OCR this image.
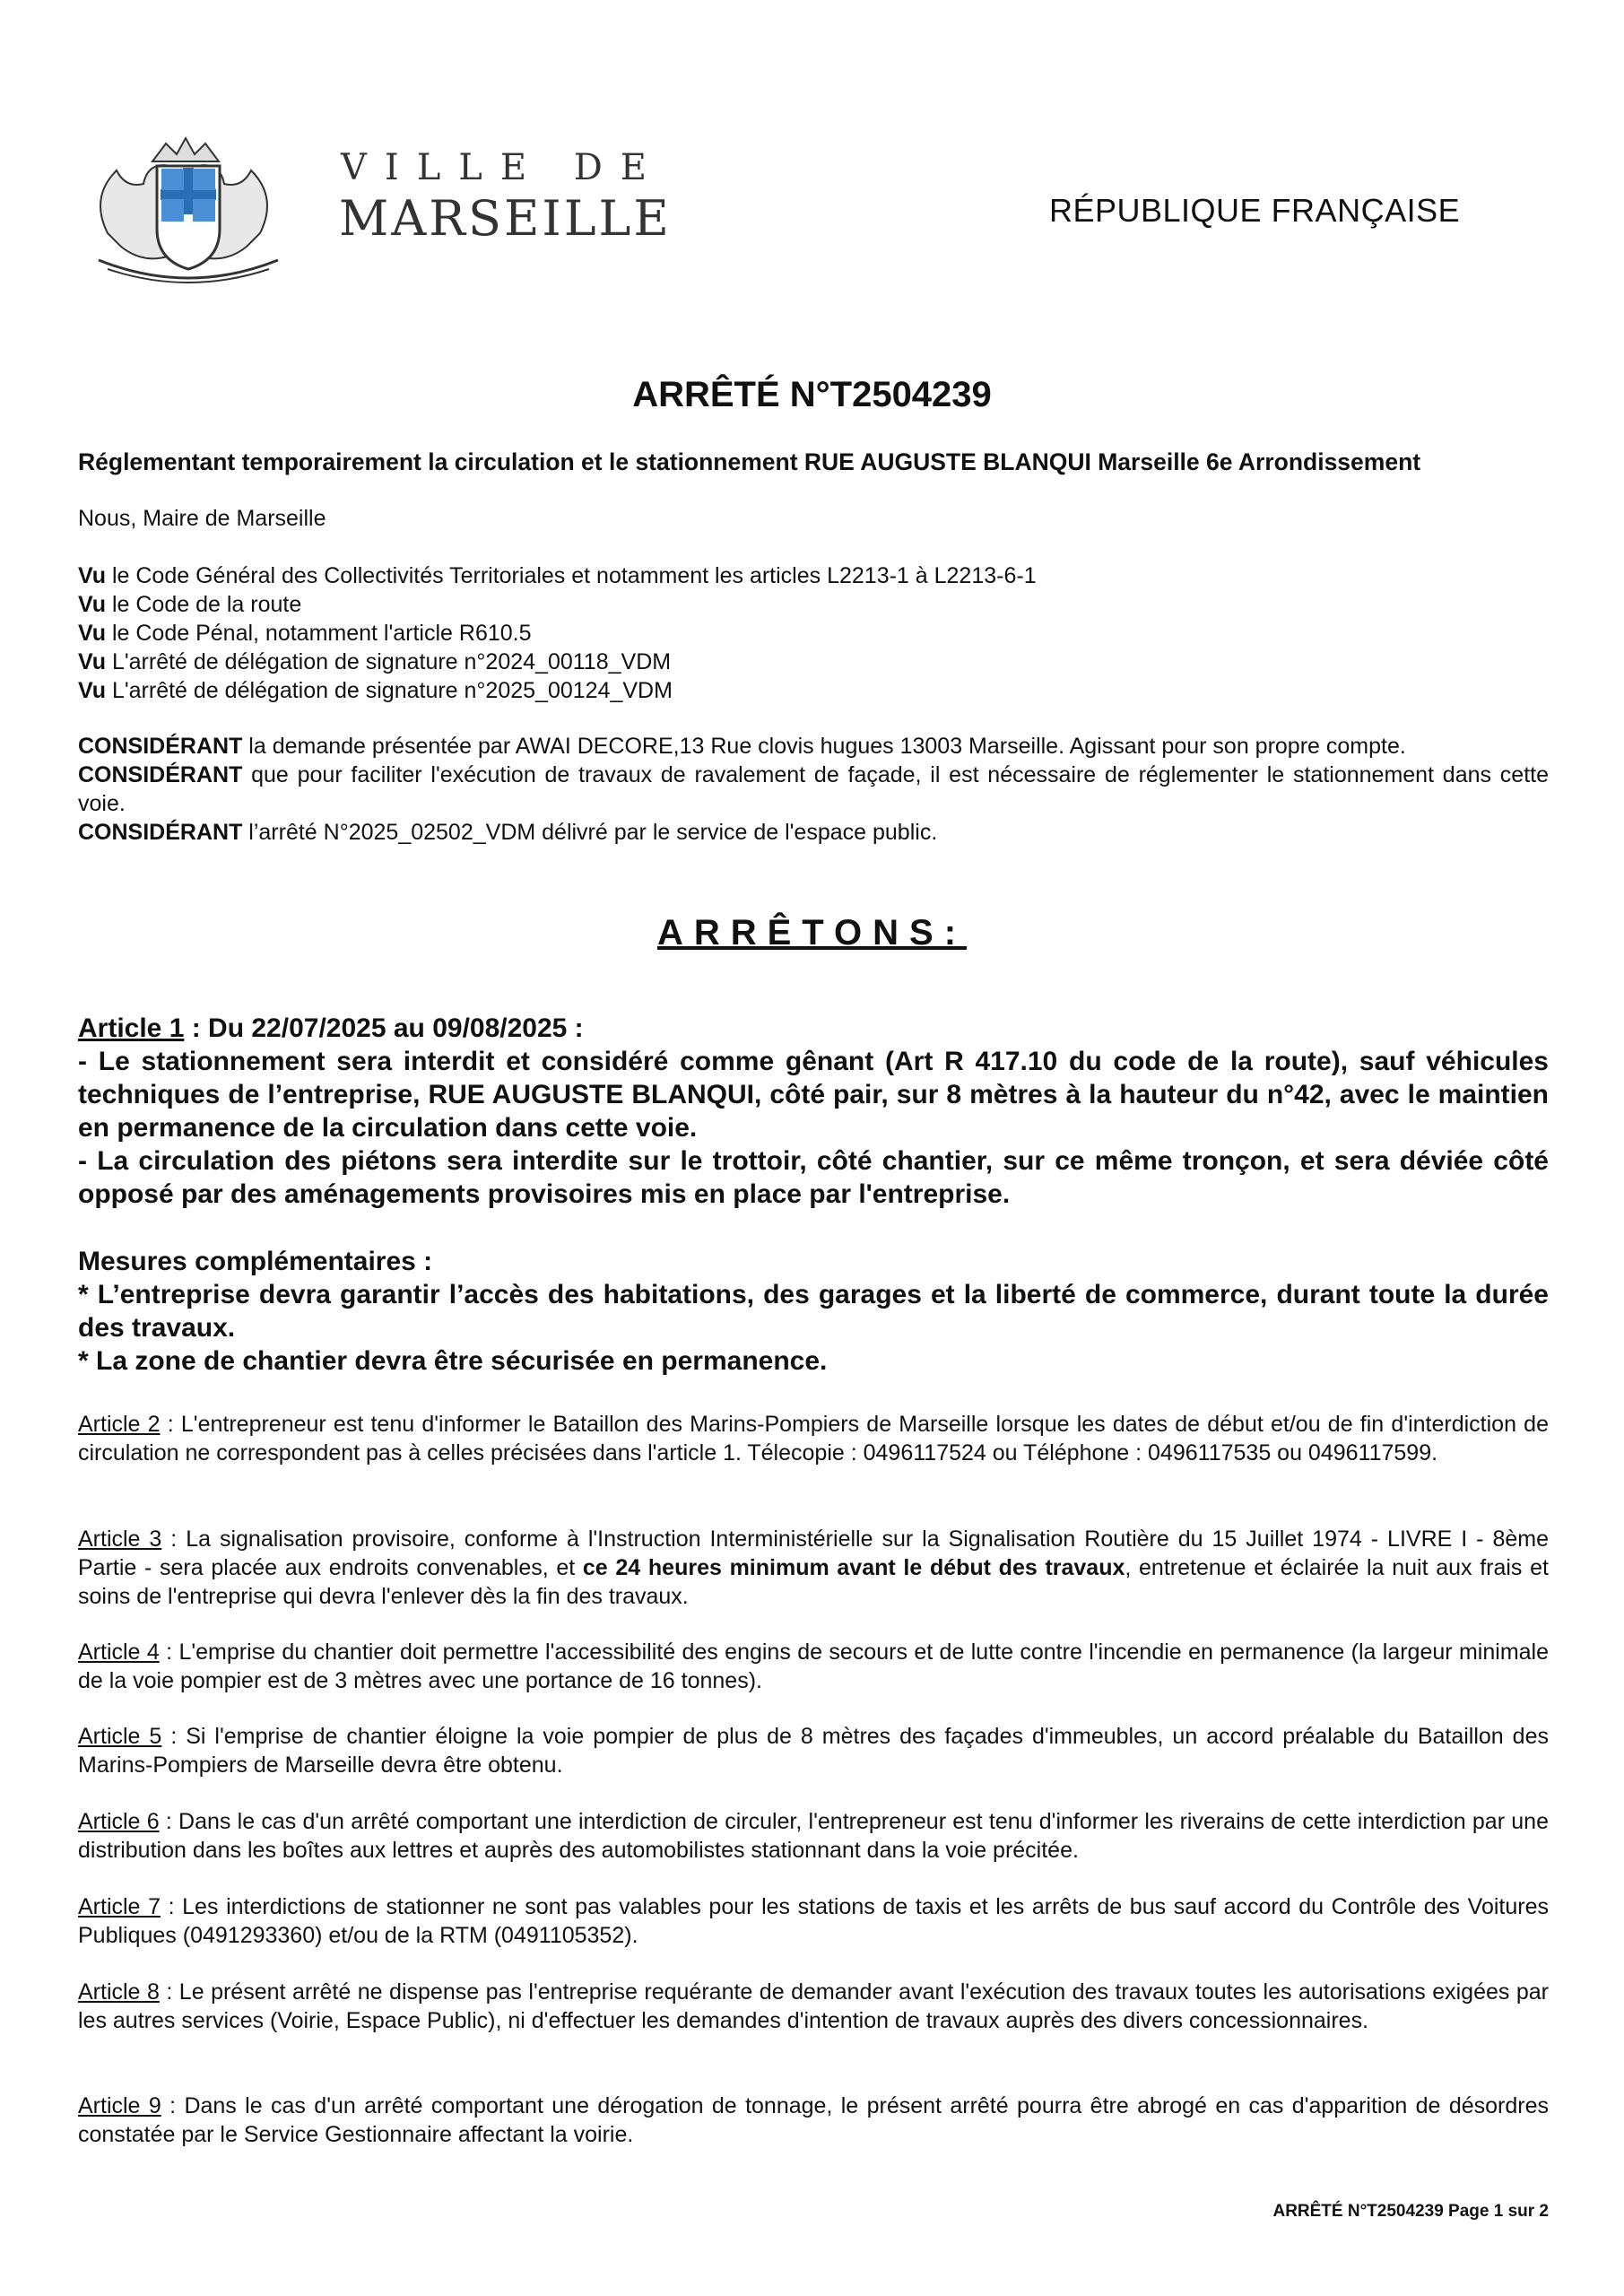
VILLE DE
MARSEILLE	RÉPUBLIQUE FRANÇAISE
ARRÊTÉ N°T2504239
Réglementant temporairement la circulation et le stationnement RUE AUGUSTE BLANQUI Marseille 6e Arrondissement
Nous, Maire de Marseille

Vu le Code Général des Collectivités Territoriales et notamment les articles L2213-1 à L2213-6-1

Vu le Code de la route

Vu le Code Pénal, notamment l'article R610.5

Vu L'arrêté de délégation de signature n°2024_00118_VDM

Vu L'arrêté de délégation de signature n°2025_00124_VDM

CONSIDÉRANT la demande présentée par AWAI DECORE,13 Rue clovis hugues 13003 Marseille. Agissant pour son propre compte.

CONSIDÉRANT que pour faciliter l'exécution de travaux de ravalement de façade, il est nécessaire de réglementer le stationnement dans cette voie.

CONSIDÉRANT l’arrêté N°2025_02502_VDM délivré par le service de l'espace public.

ARRÊTONS:

Article 1 : Du 22/07/2025 au 09/08/2025 :

- Le stationnement sera interdit et considéré comme gênant (Art R 417.10 du code de la route), sauf véhicules techniques de l’entreprise, RUE AUGUSTE BLANQUI, côté pair, sur 8 mètres à la hauteur du n°42, avec le maintien en permanence de la circulation dans cette voie.

- La circulation des piétons sera interdite sur le trottoir, côté chantier, sur ce même tronçon, et sera déviée côté opposé par des aménagements provisoires mis en place par l'entreprise.

Mesures complémentaires :

* L’entreprise devra garantir l’accès des habitations, des garages et la liberté de commerce, durant toute la durée des travaux.

* La zone de chantier devra être sécurisée en permanence.

Article 2 : L'entrepreneur est tenu d'informer le Bataillon des Marins-Pompiers de Marseille lorsque les dates de début et/ou de fin d'interdiction de circulation ne correspondent pas à celles précisées dans l'article 1. Télecopie : 0496117524 ou Téléphone : 0496117535 ou 0496117599.
Article 3 : La signalisation provisoire, conforme à l'Instruction Interministérielle sur la Signalisation Routière du 15 Juillet 1974 - LIVRE I - 8ème Partie - sera placée aux endroits convenables, et ce 24 heures minimum avant le début des travaux, entretenue et éclairée la nuit aux frais et soins de l'entreprise qui devra l'enlever dès la fin des travaux.
Article 4 : L'emprise du chantier doit permettre l'accessibilité des engins de secours et de lutte contre l'incendie en permanence (la largeur minimale de la voie pompier est de 3 mètres avec une portance de 16 tonnes).
Article 5 : Si l'emprise de chantier éloigne la voie pompier de plus de 8 mètres des façades d'immeubles, un accord préalable du Bataillon des Marins-Pompiers de Marseille devra être obtenu.
Article 6 : Dans le cas d'un arrêté comportant une interdiction de circuler, l'entrepreneur est tenu d'informer les riverains de cette interdiction par une distribution dans les boîtes aux lettres et auprès des automobilistes stationnant dans la voie précitée.
Article 7 : Les interdictions de stationner ne sont pas valables pour les stations de taxis et les arrêts de bus sauf accord du Contrôle des Voitures Publiques (0491293360) et/ou de la RTM (0491105352).
Article 8 : Le présent arrêté ne dispense pas l'entreprise requérante de demander avant l'exécution des travaux toutes les autorisations exigées par les autres services (Voirie, Espace Public), ni d'effectuer les demandes d'intention de travaux auprès des divers concessionnaires.
Article 9 : Dans le cas d'un arrêté comportant une dérogation de tonnage, le présent arrêté pourra être abrogé en cas d'apparition de désordres constatée par le Service Gestionnaire affectant la voirie.
ARRÊTÉ N°T2504239 Page 1 sur 2
